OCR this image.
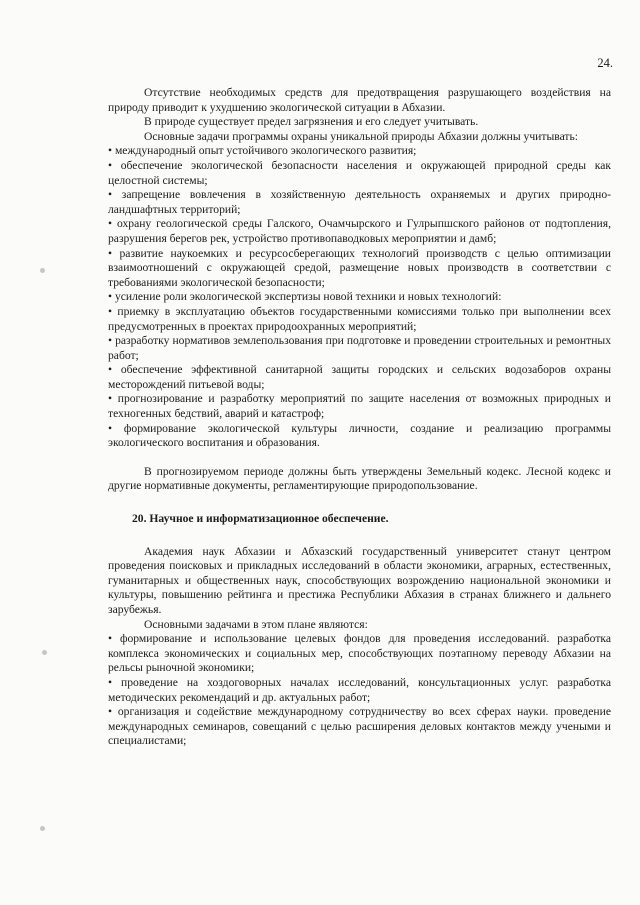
24.

Отсутствие необходимых средств для предотвращения разрушающего воздействия на природу приводит к ухудшению экологической ситуации в Абхазии.

В природе существует предел загрязнения и его следует учитывать.

Основные задачи программы охраны уникальной природы Абхазии должны учитывать:

• международный опыт устойчивого экологического развития;

• обеспечение экологической безопасности населения и окружающей природной среды как целостной системы;

• запрещение вовлечения в хозяйственную деятельность охраняемых и других природно-ландшафтных территорий;

• охрану геологической среды Галского, Очамчырского и Гулрыпшского районов от подтопления, разрушения берегов рек, устройство противопаводковых мероприятии и дамб;

• развитие наукоемких и ресурсосберегающих технологий производств с целью оптимизации взаимоотношений с окружающей средой, размещение новых производств в соответствии с требованиями экологической безопасности;

• усиление роли экологической экспертизы новой техники и новых технологий:

• приемку в эксплуатацию объектов государственными комиссиями только при выполнении всех предусмотренных в проектах природоохранных мероприятий;

• разработку нормативов землепользования при подготовке и проведении строительных и ремонтных работ;

• обеспечение эффективной санитарной защиты городских и сельских водозаборов охраны месторождений питьевой воды;

• прогнозирование и разработку мероприятий по защите населения от возможных природных и техногенных бедствий, аварий и катастроф;

• формирование экологической культуры личности, создание и реализацию программы экологического воспитания и образования.

В прогнозируемом периоде должны быть утверждены Земельный кодекс. Лесной кодекс и другие нормативные документы, регламентирующие природопользование.

20. Научное и информатизационное обеспечение.

Академия наук Абхазии и Абхазский государственный университет станут центром проведения поисковых и прикладных исследований в области экономики, аграрных, естественных, гуманитарных и общественных наук, способствующих возрождению национальной экономики и культуры, повышению рейтинга и престижа Республики Абхазия в странах ближнего и дальнего зарубежья.

Основными задачами в этом плане являются:

• формирование и использование целевых фондов для проведения исследований. разработка комплекса экономических и социальных мер, способствующих поэтапному переводу Абхазии на рельсы рыночной экономики;

• проведение на хоздоговорных началах исследований, консультационных услуг. разработка методических рекомендаций и др. актуальных работ;

• организация и содействие международному сотрудничеству во всех сферах науки. проведение международных семинаров, совещаний с целью расширения деловых контактов между учеными и специалистами;
